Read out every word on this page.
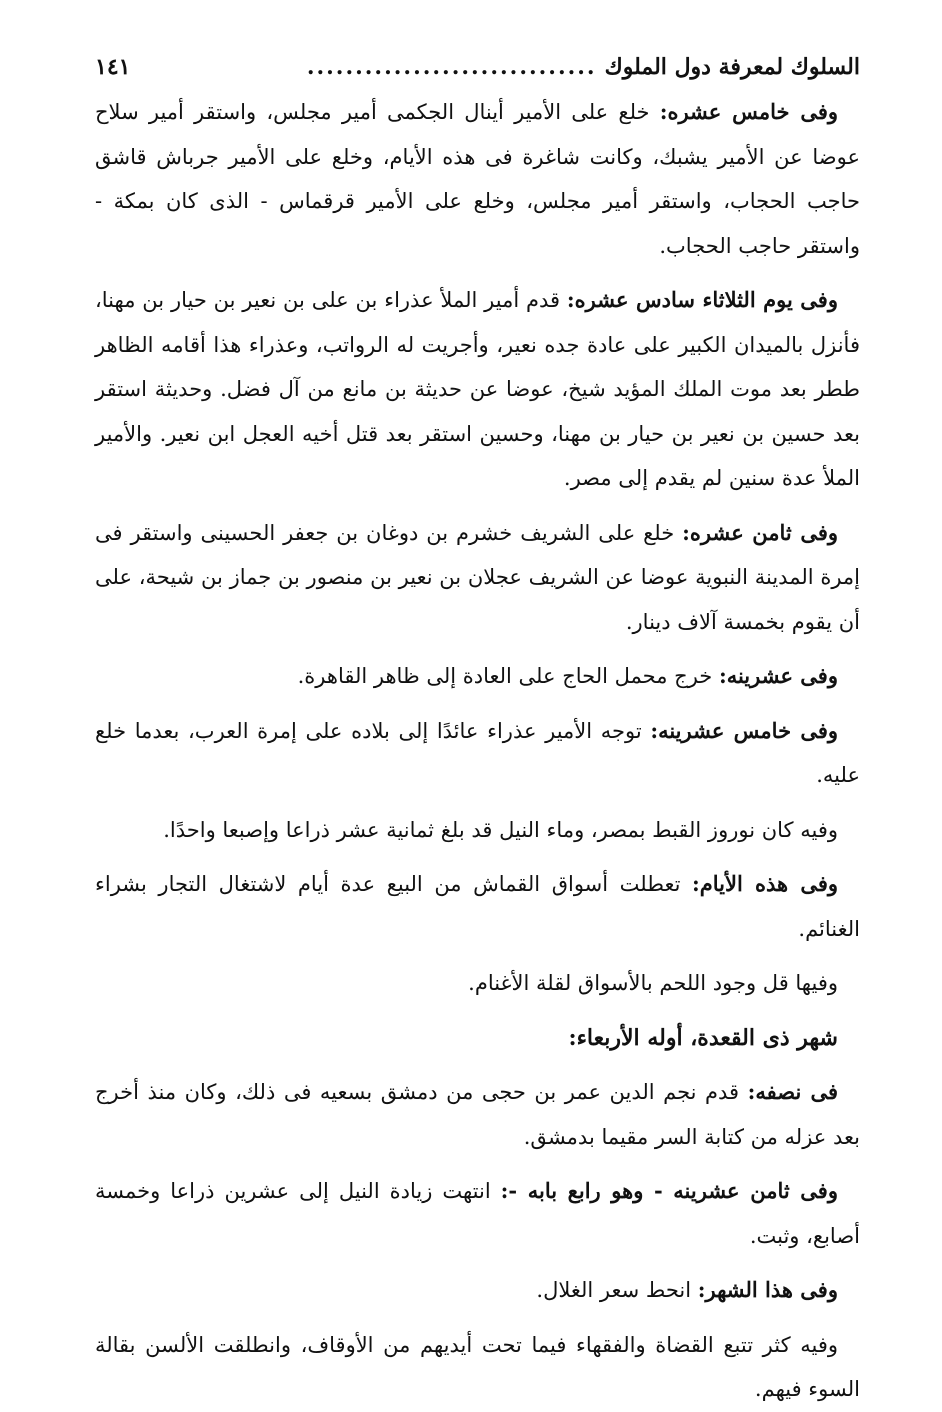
السلوك لمعرفة دول الملوك
..............................
١٤١

وفى خامس عشره: خلع على الأمير أينال الجكمى أمير مجلس، واستقر أمير سلاح عوضا عن الأمير يشبك، وكانت شاغرة فى هذه الأيام، وخلع على الأمير جرباش قاشق حاجب الحجاب، واستقر أمير مجلس، وخلع على الأمير قرقماس - الذى كان بمكة - واستقر حاجب الحجاب.

وفى يوم الثلاثاء سادس عشره: قدم أمير الملأ عذراء بن على بن نعير بن حيار بن مهنا، فأنزل بالميدان الكبير على عادة جده نعير، وأجريت له الرواتب، وعذراء هذا أقامه الظاهر ططر بعد موت الملك المؤيد شيخ، عوضا عن حديثة بن مانع من آل فضل. وحديثة استقر بعد حسين بن نعير بن حيار بن مهنا، وحسين استقر بعد قتل أخيه العجل ابن نعير. والأمير الملأ عدة سنين لم يقدم إلى مصر.

وفى ثامن عشره: خلع على الشريف خشرم بن دوغان بن جعفر الحسينى واستقر فى إمرة المدينة النبوية عوضا عن الشريف عجلان بن نعير بن منصور بن جماز بن شيحة، على أن يقوم بخمسة آلاف دينار.

وفى عشرينه: خرج محمل الحاج على العادة إلى ظاهر القاهرة.

وفى خامس عشرينه: توجه الأمير عذراء عائدًا إلى بلاده على إمرة العرب، بعدما خلع عليه.

وفيه كان نوروز القبط بمصر، وماء النيل قد بلغ ثمانية عشر ذراعا وإصبعا واحدًا.

وفى هذه الأيام: تعطلت أسواق القماش من البيع عدة أيام لاشتغال التجار بشراء الغنائم.

وفيها قل وجود اللحم بالأسواق لقلة الأغنام.

شهر ذى القعدة، أوله الأربعاء:

فى نصفه: قدم نجم الدين عمر بن حجى من دمشق بسعيه فى ذلك، وكان منذ أخرج بعد عزله من كتابة السر مقيما بدمشق.

وفى ثامن عشرينه - وهو رابع بابه -: انتهت زيادة النيل إلى عشرين ذراعا وخمسة أصابع، وثبت.

وفى هذا الشهر: انحط سعر الغلال.

وفيه كثر تتبع القضاة والفقهاء فيما تحت أيديهم من الأوقاف، وانطلقت الألسن بقالة السوء فيهم.
